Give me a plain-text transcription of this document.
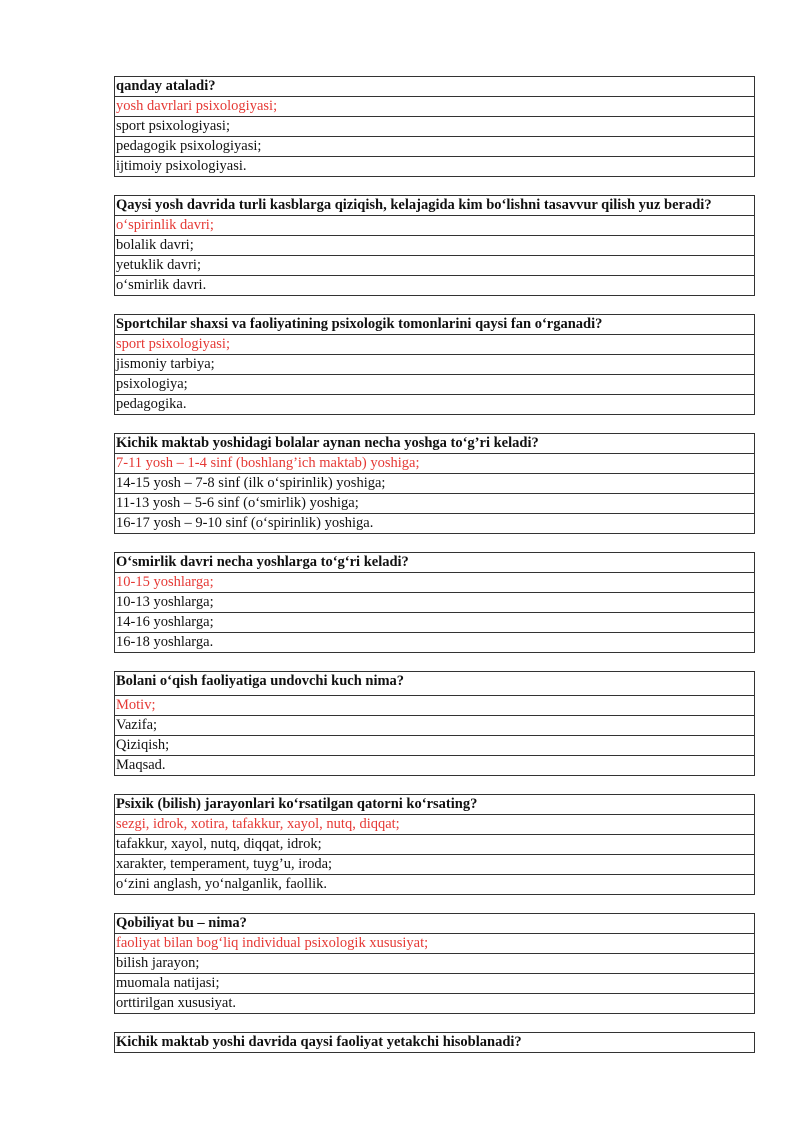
qanday ataladi?
yosh davrlari psixologiyasi;
sport psixologiyasi;
pedagogik psixologiyasi;
ijtimoiy psixologiyasi.
Qaysi yosh davrida turli kasblarga qiziqish, kelajagida kim bo‘lishni tasavvur qilish yuz beradi?
o‘spirinlik davri;
bolalik davri;
yetuklik davri;
o‘smirlik davri.
Sportchilar shaxsi va faoliyatining psixologik tomonlarini qaysi fan o‘rganadi?
sport psixologiyasi;
jismoniy tarbiya;
psixologiya;
pedagogika.
Kichik maktab yoshidagi bolalar aynan necha yoshga to‘g’ri keladi?
7-11 yosh – 1-4 sinf (boshlang’ich maktab) yoshiga;
14-15 yosh – 7-8 sinf (ilk o‘spirinlik) yoshiga;
11-13 yosh – 5-6 sinf (o‘smirlik) yoshiga;
16-17 yosh – 9-10 sinf (o‘spirinlik) yoshiga.
O‘smirlik davri necha yoshlarga to‘g‘ri keladi?
10-15 yoshlarga;
10-13 yoshlarga;
14-16 yoshlarga;
16-18 yoshlarga.
Bolani o‘qish faoliyatiga undovchi kuch nima?
Motiv;
Vazifa;
Qiziqish;
Maqsad.
Psixik (bilish) jarayonlari ko‘rsatilgan qatorni ko‘rsating?
sezgi, idrok, xotira, tafakkur, xayol, nutq, diqqat;
tafakkur, xayol, nutq, diqqat, idrok;
xarakter, temperament, tuyg’u, iroda;
o‘zini anglash, yo‘nalganlik, faollik.
Qobiliyat bu – nima?
faoliyat bilan bog‘liq individual psixologik xususiyat;
bilish jarayon;
muomala natijasi;
orttirilgan xususiyat.
Kichik maktab yoshi davrida qaysi faoliyat yetakchi hisoblanadi?
